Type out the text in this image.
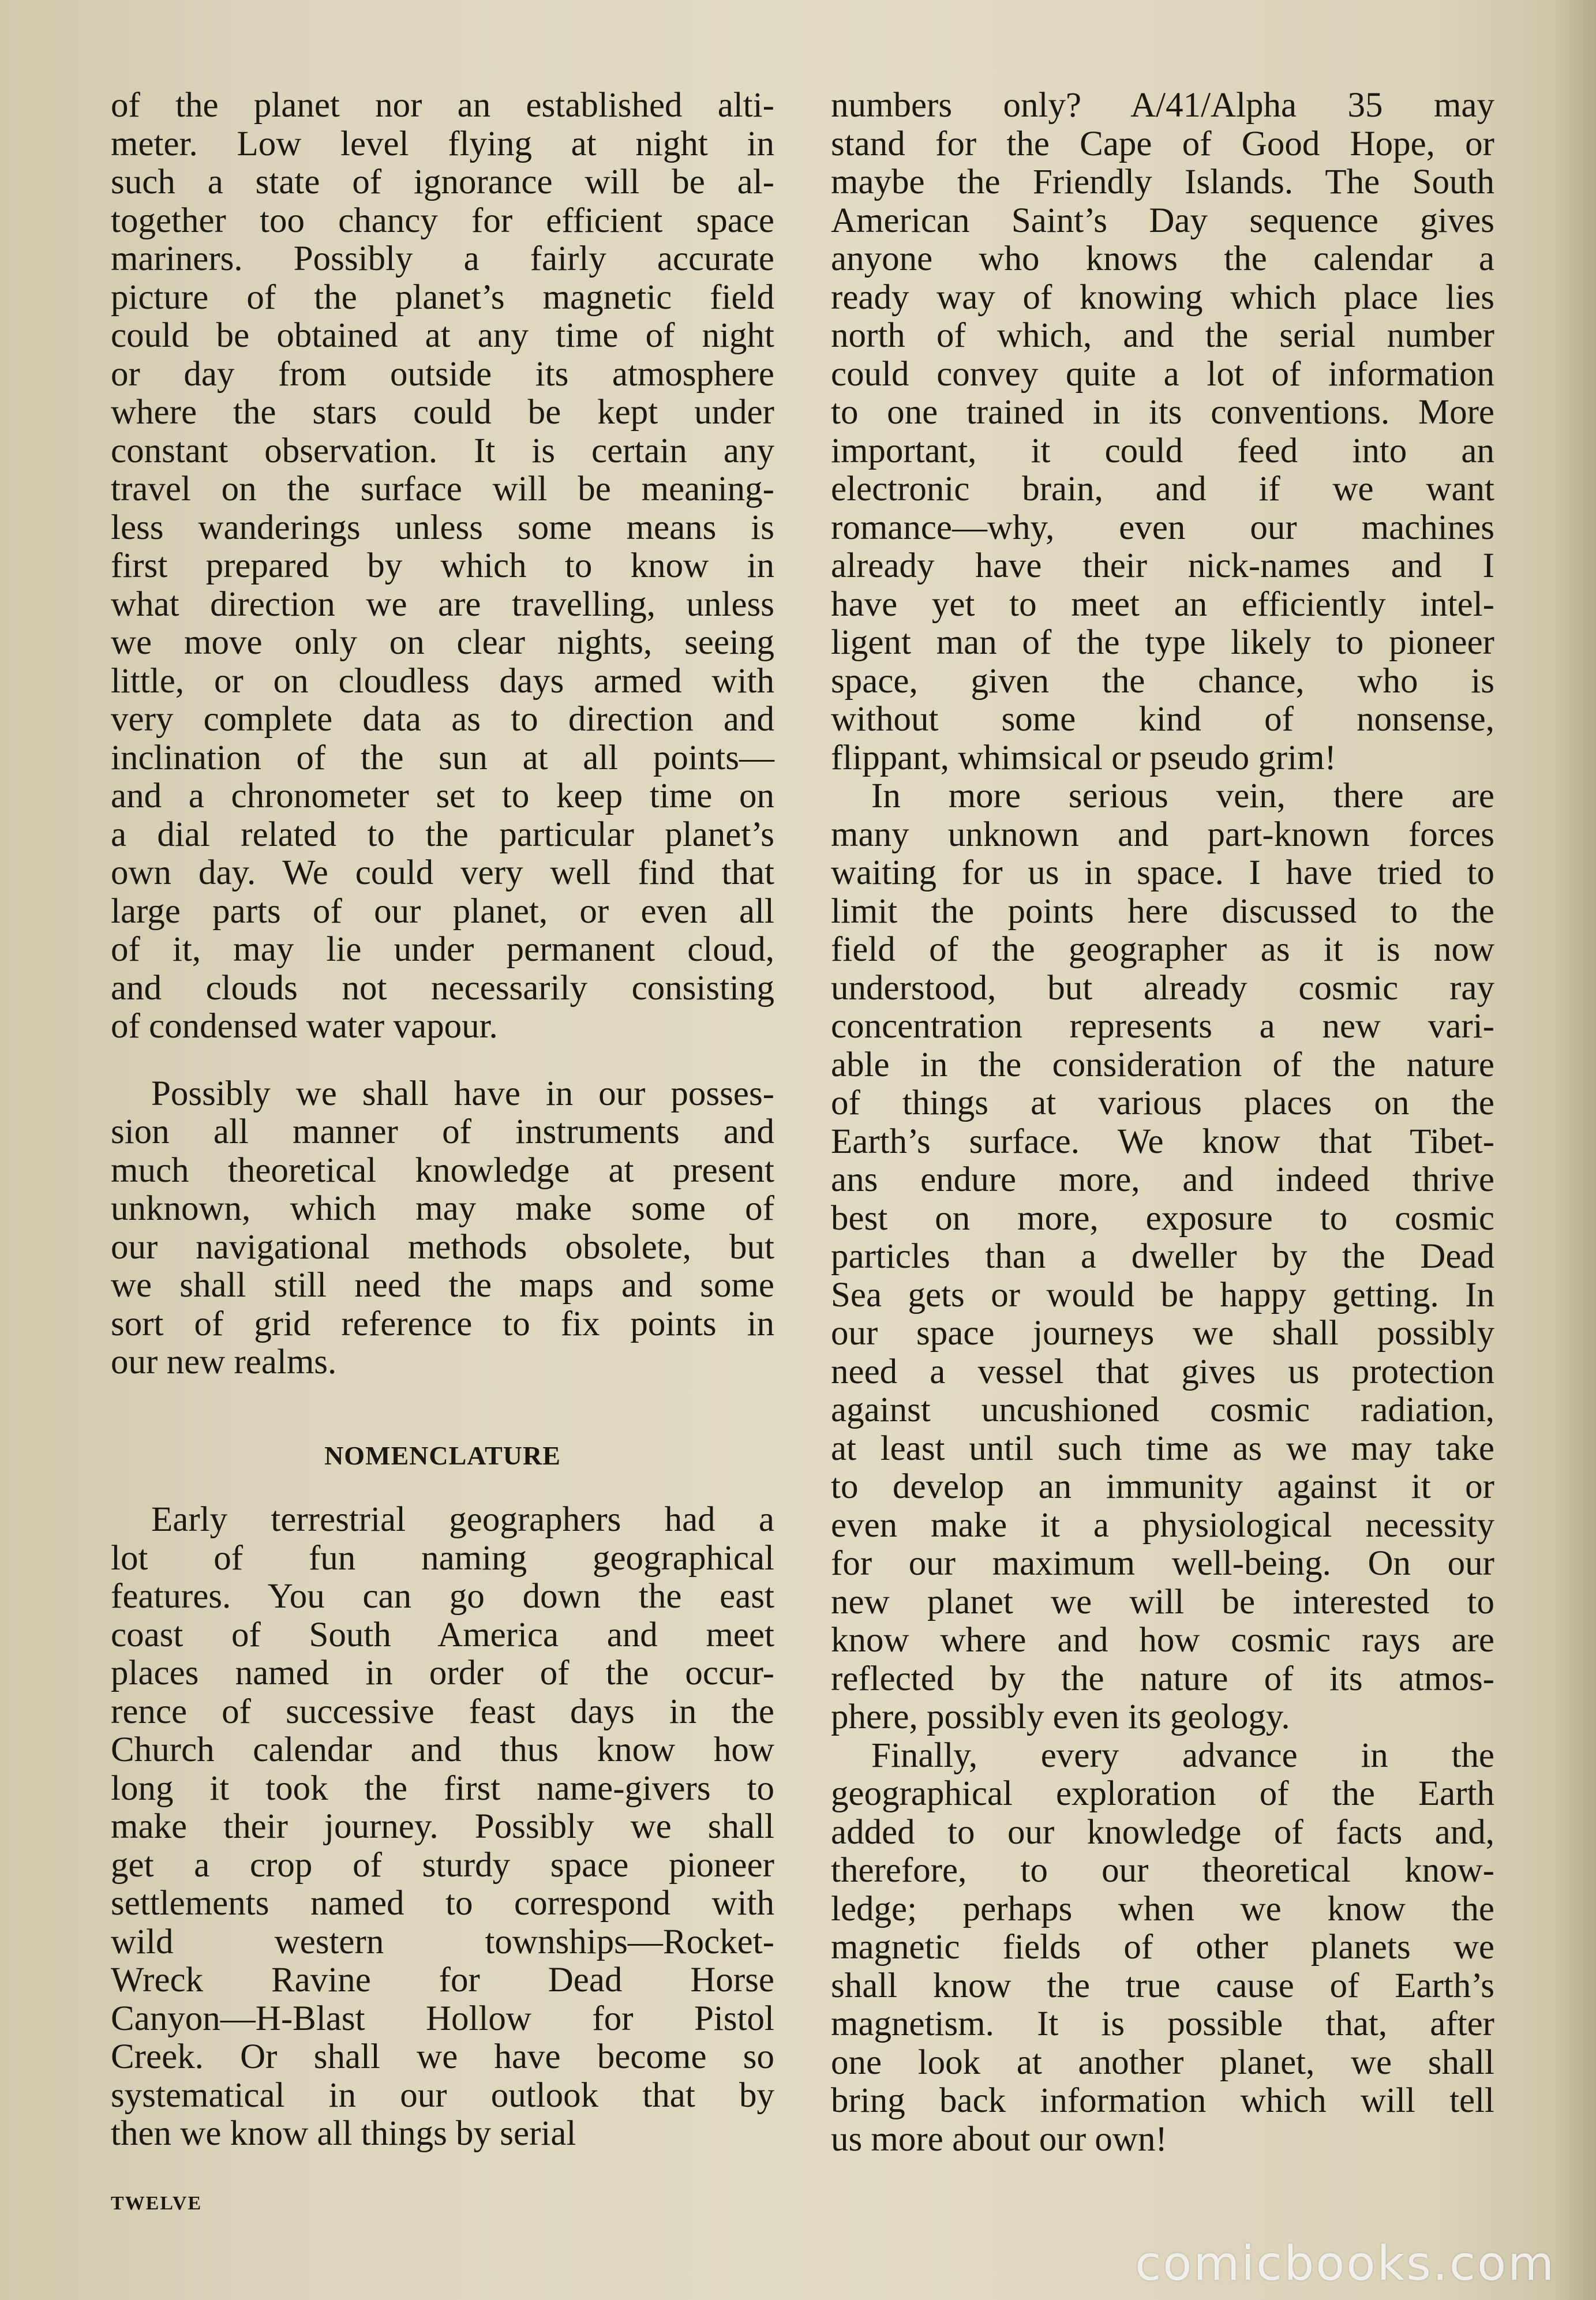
of the planet nor an established alti-
meter. Low level flying at night in
such a state of ignorance will be al-
together too chancy for efficient space
mariners. Possibly a fairly accurate
picture of the planet’s magnetic field
could be obtained at any time of night
or day from outside its atmosphere
where the stars could be kept under
constant observation. It is certain any
travel on the surface will be meaning-
less wanderings unless some means is
first prepared by which to know in
what direction we are travelling, unless
we move only on clear nights, seeing
little, or on cloudless days armed with
very complete data as to direction and
inclination of the sun at all points—
and a chronometer set to keep time on
a dial related to the particular planet’s
own day. We could very well find that
large parts of our planet, or even all
of it, may lie under permanent cloud,
and clouds not necessarily consisting
of condensed water vapour.
Possibly we shall have in our posses-
sion all manner of instruments and
much theoretical knowledge at present
unknown, which may make some of
our navigational methods obsolete, but
we shall still need the maps and some
sort of grid reference to fix points in
our new realms.
NOMENCLATURE
Early terrestrial geographers had a
lot of fun naming geographical
features. You can go down the east
coast of South America and meet
places named in order of the occur-
rence of successive feast days in the
Church calendar and thus know how
long it took the first name-givers to
make their journey. Possibly we shall
get a crop of sturdy space pioneer
settlements named to correspond with
wild western townships—Rocket-
Wreck Ravine for Dead Horse
Canyon—H-Blast Hollow for Pistol
Creek. Or shall we have become so
systematical in our outlook that by
then we know all things by serial
numbers only? A/41/Alpha 35 may
stand for the Cape of Good Hope, or
maybe the Friendly Islands. The South
American Saint’s Day sequence gives
anyone who knows the calendar a
ready way of knowing which place lies
north of which, and the serial number
could convey quite a lot of information
to one trained in its conventions. More
important, it could feed into an
electronic brain, and if we want
romance—why, even our machines
already have their nick-names and I
have yet to meet an efficiently intel-
ligent man of the type likely to pioneer
space, given the chance, who is
without some kind of nonsense,
flippant, whimsical or pseudo grim!
In more serious vein, there are
many unknown and part-known forces
waiting for us in space. I have tried to
limit the points here discussed to the
field of the geographer as it is now
understood, but already cosmic ray
concentration represents a new vari-
able in the consideration of the nature
of things at various places on the
Earth’s surface. We know that Tibet-
ans endure more, and indeed thrive
best on more, exposure to cosmic
particles than a dweller by the Dead
Sea gets or would be happy getting. In
our space journeys we shall possibly
need a vessel that gives us protection
against uncushioned cosmic radiation,
at least until such time as we may take
to develop an immunity against it or
even make it a physiological necessity
for our maximum well-being. On our
new planet we will be interested to
know where and how cosmic rays are
reflected by the nature of its atmos-
phere, possibly even its geology.
Finally, every advance in the
geographical exploration of the Earth
added to our knowledge of facts and,
therefore, to our theoretical know-
ledge; perhaps when we know the
magnetic fields of other planets we
shall know the true cause of Earth’s
magnetism. It is possible that, after
one look at another planet, we shall
bring back information which will tell
us more about our own!
TWELVE
comicbooks.com
